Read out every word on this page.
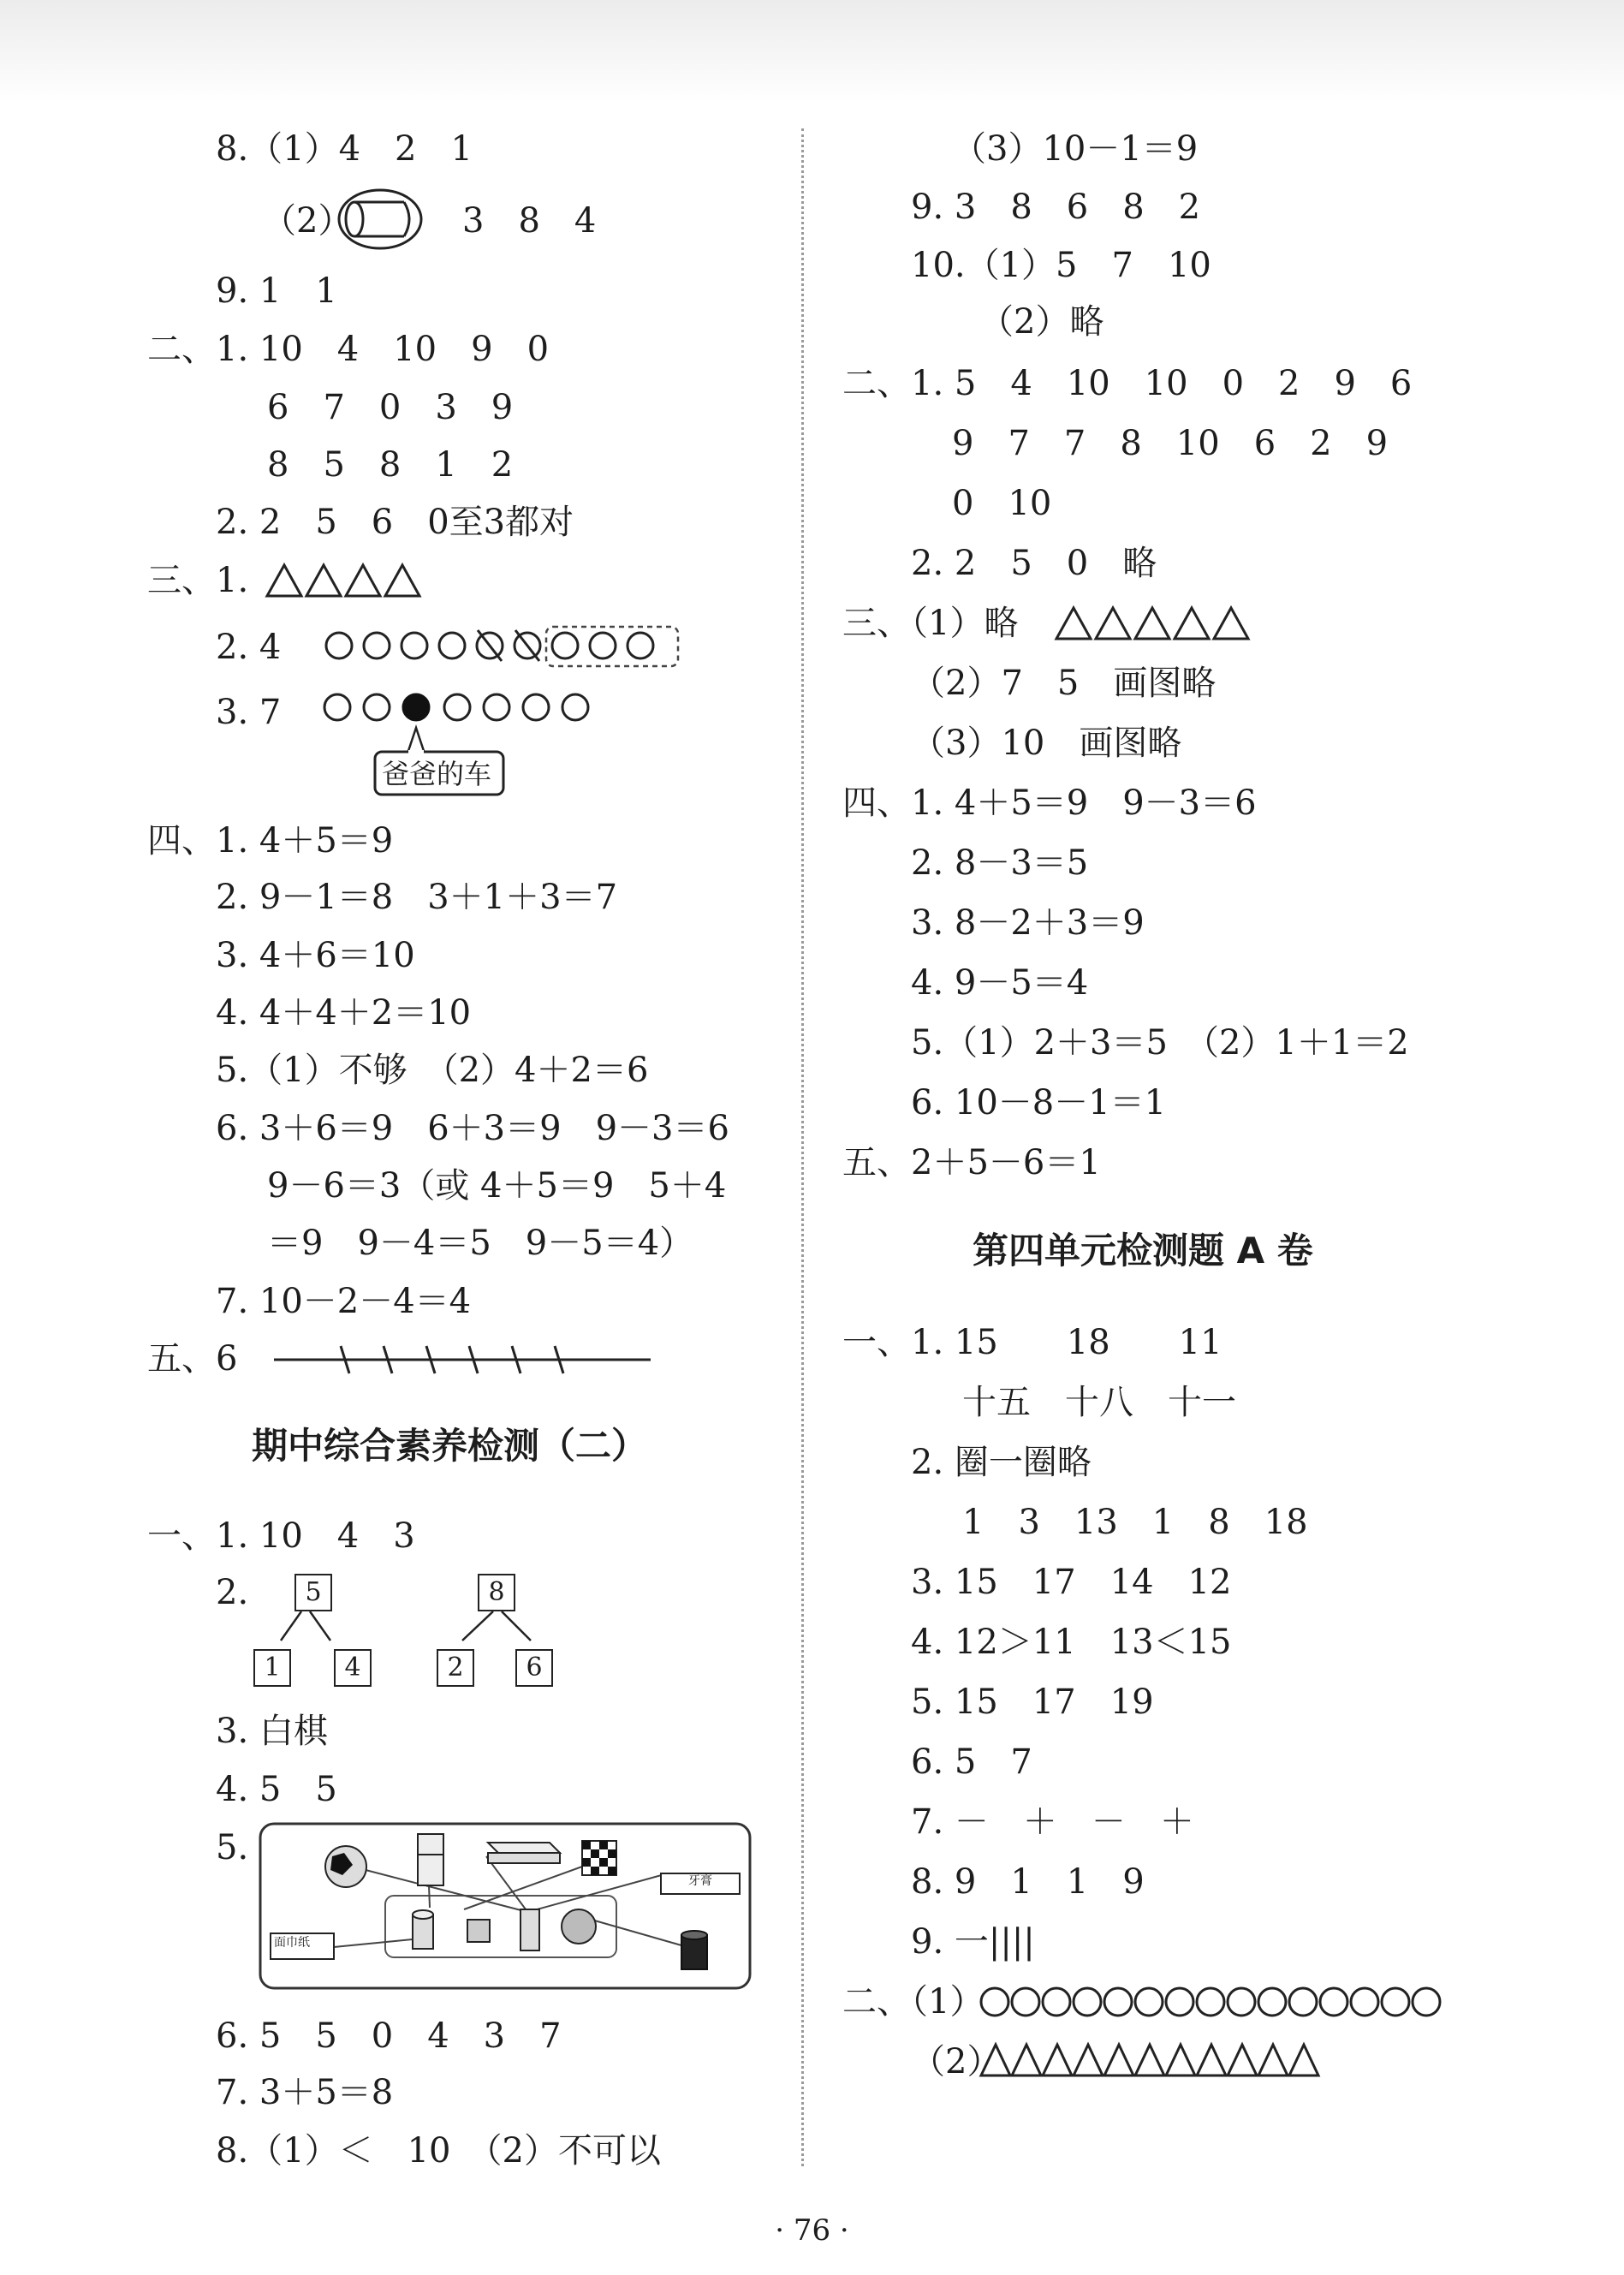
8.（1）4　2　1
（2）	3　8　4
9. 1　1
二、1. 10　4　10　9　0
6　7　0　3　9
8　5　8　1　2
2. 2　5　6　0至3都对
三、1.
2. 4
3. 7
爸爸的车
四、1. 4＋5＝9
2. 9－1＝8　3＋1＋3＝7
3. 4＋6＝10
4. 4＋4＋2＝10
5.（1）不够　（2）4＋2＝6
6. 3＋6＝9　6＋3＝9　9－3＝6
9－6＝3（或 4＋5＝9　5＋4
＝9　9－4＝5　9－5＝4）
7. 10－2－4＝4
五、6
期中综合素养检测（二）
一、1. 10　4　3
2.	5
1	4
8
2	6
3. 白棋
4. 5　5
5.
牙膏
面巾纸
6. 5　5　0　4　3　7
7. 3＋5＝8
8.（1）＜　10　（2）不可以
（3）10－1＝9
9. 3　8　6　8　2
10.（1）5　7　10
（2）略
二、1. 5　4　10　10　0　2　9　6
9　7　7　8　10　6　2　9
0　10
2. 2　5　0　略
三、（1）略
（2）7　5　画图略
（3）10　画图略
四、1. 4＋5＝9　9－3＝6
2. 8－3＝5
3. 8－2＋3＝9
4. 9－5＝4
5.（1）2＋3＝5　（2）1＋1＝2
6. 10－8－1＝1
五、2＋5－6＝1
第四单元检测题 A 卷
一、1. 15　　18　　11
十五　十八　十一
2. 圈一圈略
1　3　13　1　8　18
3. 15　17　14　12
4. 12＞11　13＜15
5. 15　17　19
6. 5　7
7. －　＋　－　＋
8. 9　1　1　9
9. 一||||
二、（1）
（2）
· 76 ·
